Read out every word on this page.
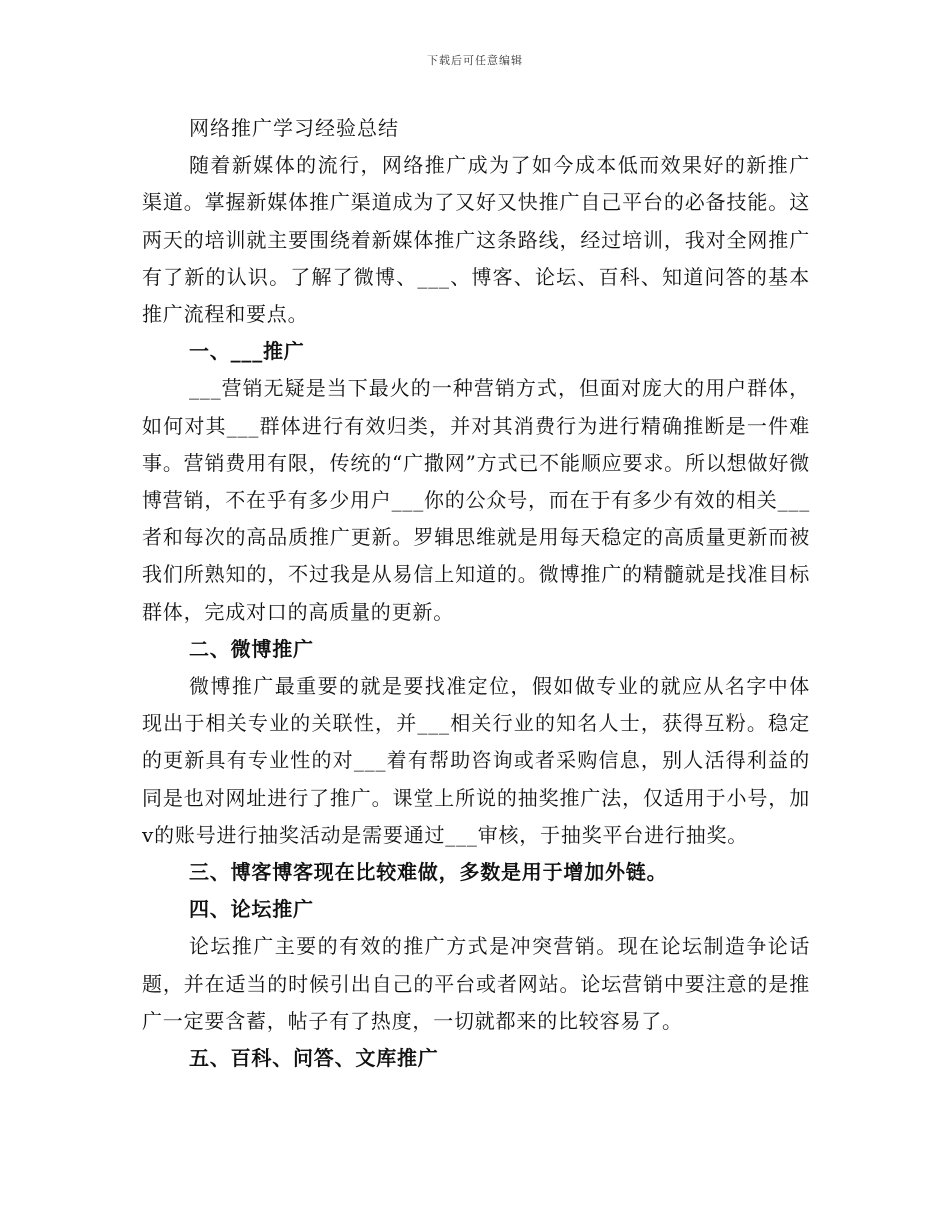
下载后可任意编辑

网络推广学习经验总结

随着新媒体的流行，网络推广成为了如今成本低而效果好的新推广渠道。掌握新媒体推广渠道成为了又好又快推广自己平台的必备技能。这两天的培训就主要围绕着新媒体推广这条路线，经过培训，我对全网推广有了新的认识。了解了微博、___、博客、论坛、百科、知道问答的基本推广流程和要点。

一、___推广

___营销无疑是当下最火的一种营销方式，但面对庞大的用户群体，如何对其___群体进行有效归类，并对其消费行为进行精确推断是一件难事。营销费用有限，传统的“广撒网”方式已不能顺应要求。所以想做好微博营销，不在乎有多少用户___你的公众号，而在于有多少有效的相关___者和每次的高品质推广更新。罗辑思维就是用每天稳定的高质量更新而被我们所熟知的，不过我是从易信上知道的。微博推广的精髓就是找准目标群体，完成对口的高质量的更新。

二、微博推广

微博推广最重要的就是要找准定位，假如做专业的就应从名字中体现出于相关专业的关联性，并___相关行业的知名人士，获得互粉。稳定的更新具有专业性的对___着有帮助咨询或者采购信息，别人活得利益的同是也对网址进行了推广。课堂上所说的抽奖推广法，仅适用于小号，加v的账号进行抽奖活动是需要通过___审核，于抽奖平台进行抽奖。

三、博客博客现在比较难做，多数是用于增加外链。

四、论坛推广

论坛推广主要的有效的推广方式是冲突营销。现在论坛制造争论话题，并在适当的时候引出自己的平台或者网站。论坛营销中要注意的是推广一定要含蓄，帖子有了热度，一切就都来的比较容易了。

五、百科、问答、文库推广
